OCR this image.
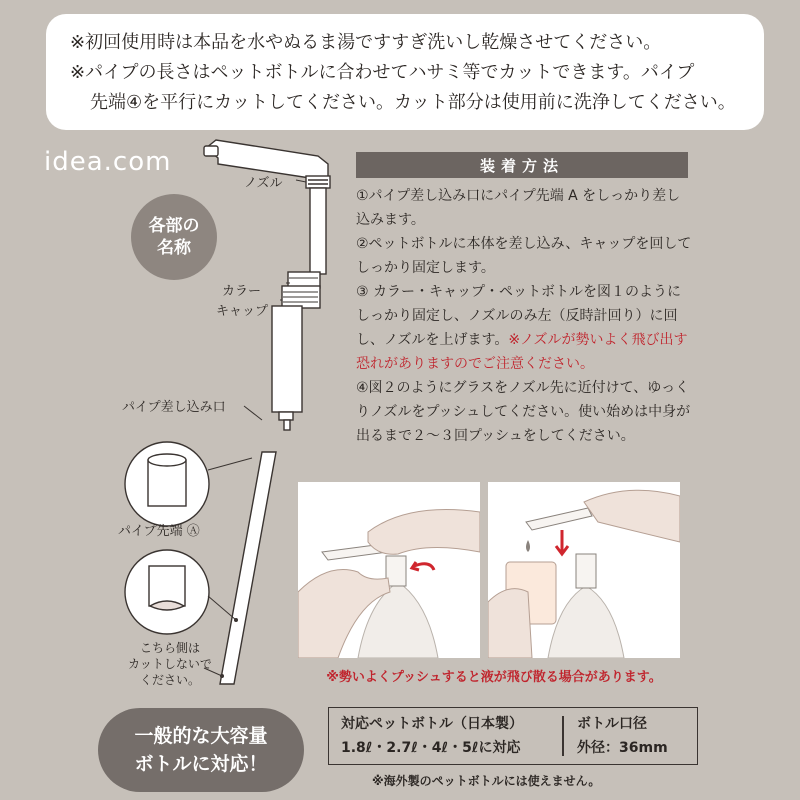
※初回使用時は本品を水やぬるま湯ですすぎ洗いし乾燥させてください。

※パイプの長さはペットボトルに合わせてハサミ等でカットできます。パイプ

先端④を平行にカットしてください。カット部分は使用前に洗浄してください。

idea.com
各部の
名称
ノズル
カラー
キャップ
パイプ差し込み口
パイプ先端 Ⓐ
こちら側は
カットしないで
ください。
装着方法

①パイプ差し込み口にパイプ先端 A をしっかり差し込みます。

②ペットボトルに本体を差し込み、キャップを回してしっかり固定します。

③ カラー・キャップ・ペットボトルを図１のようにしっかり固定し、ノズルのみ左（反時計回り）に回し、ノズルを上げます。※ノズルが勢いよく飛び出す恐れがありますのでご注意ください。

④図２のようにグラスをノズル先に近付けて、ゆっくりノズルをプッシュしてください。使い始めは中身が出るまで２〜３回プッシュをしてください。

※勢いよくプッシュすると液が飛び散る場合があります。
一般的な大容量
ボトルに対応！
対応ペットボトル（日本製）
1.8ℓ・2.7ℓ・4ℓ・5ℓに対応
ボトル口径
外径：36mm
※海外製のペットボトルには使えません。
